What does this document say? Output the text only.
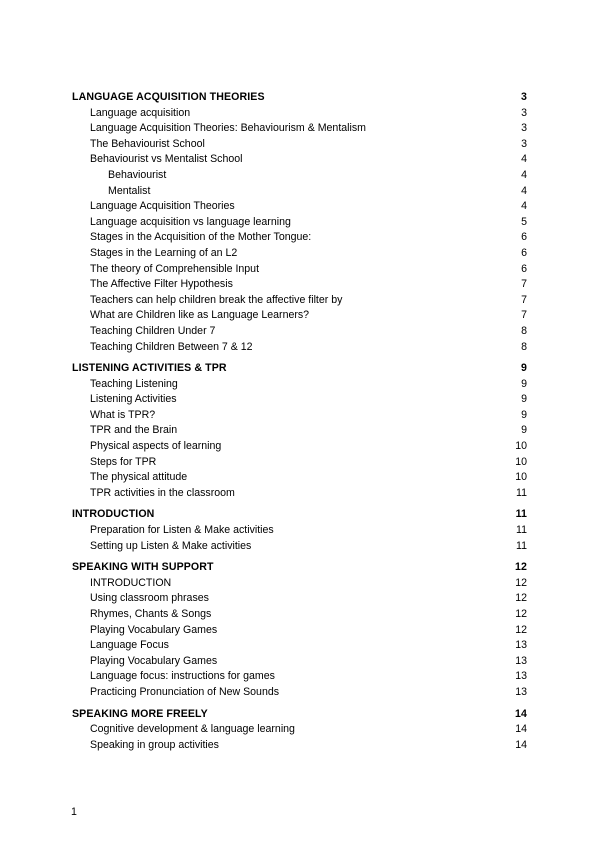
LANGUAGE ACQUISITION THEORIES	3
Language acquisition	3
Language Acquisition Theories: Behaviourism & Mentalism	3
The Behaviourist School	3
Behaviourist vs Mentalist School	4
Behaviourist	4
Mentalist	4
Language Acquisition Theories	4
Language acquisition vs language learning	5
Stages in the Acquisition of the Mother Tongue:	6
Stages in the Learning of an L2	6
The theory of Comprehensible Input	6
The Affective Filter Hypothesis	7
Teachers can help children break the affective filter by	7
What are Children like as Language Learners?	7
Teaching Children Under 7	8
Teaching Children Between 7 & 12	8
LISTENING ACTIVITIES & TPR	9
Teaching Listening	9
Listening Activities	9
What is TPR?	9
TPR and the Brain	9
Physical aspects of learning	10
Steps for TPR	10
The physical attitude	10
TPR activities in the classroom	11
INTRODUCTION	11
Preparation for Listen & Make activities	11
Setting up Listen & Make activities	11
SPEAKING WITH SUPPORT	12
INTRODUCTION	12
Using classroom phrases	12
Rhymes, Chants & Songs	12
Playing Vocabulary Games	12
Language Focus	13
Playing Vocabulary Games	13
Language focus: instructions for games	13
Practicing Pronunciation of New Sounds	13
SPEAKING MORE FREELY	14
Cognitive development & language learning	14
Speaking in group activities	14
1
